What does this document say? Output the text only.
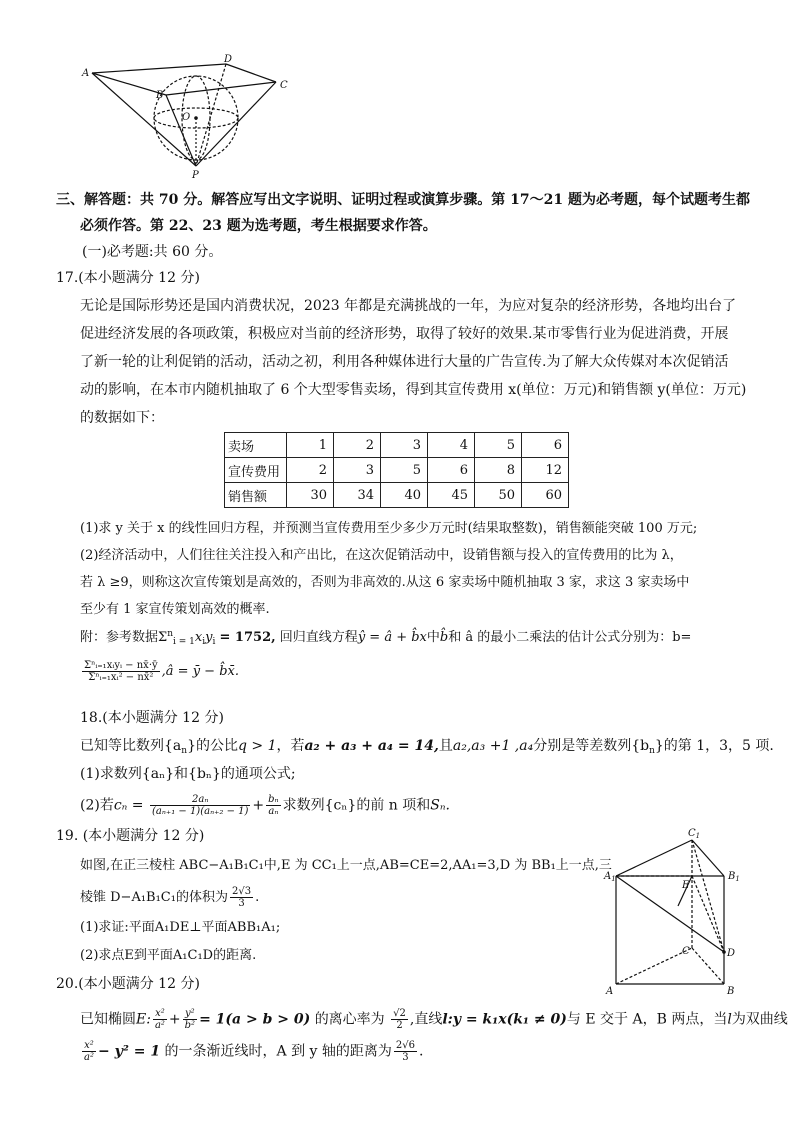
A
D
C
B
O
P
三、解答题：共 70 分。解答应写出文字说明、证明过程或演算步骤。第 17～21 题为必考题，每个试题考生都
必须作答。第 22、23 题为选考题，考生根据要求作答。
(一)必考题:共 60 分。
17.(本小题满分 12 分)
无论是国际形势还是国内消费状况，2023 年都是充满挑战的一年，为应对复杂的经济形势，各地均出台了
促进经济发展的各项政策，积极应对当前的经济形势，取得了较好的效果.某市零售行业为促进消费，开展
了新一轮的让利促销的活动，活动之初，利用各种媒体进行大量的广告宣传.为了解大众传媒对本次促销活
动的影响，在本市内随机抽取了 6 个大型零售卖场，得到其宣传费用 x(单位：万元)和销售额 y(单位：万元)
的数据如下：
卖场	1	2	3	4	5	6
宣传费用	2	3	5	6	8	12
销售额	30	34	40	45	50	60
(1)求 y 关于 x 的线性回归方程，并预测当宣传费用至少多少万元时(结果取整数)，销售额能突破 100 万元;
(2)经济活动中，人们往往关注投入和产出比，在这次促销活动中，设销售额与投入的宣传费用的比为 λ，
若 λ ≥9，则称这次宣传策划是高效的，否则为非高效的.从这 6 家卖场中随机抽取 3 家，求这 3 家卖场中
至少有 1 家宣传策划高效的概率.
附：参考数据$\Sigma^n_{i = 1}x_iy_i = 1752$, 回归直线方程ŷ = â + b̂x中b̂和 â 的最小二乘法的估计公式分别为：b=
$\frac{\text{Σⁿᵢ₌₁xᵢyᵢ − nx̄·ȳ}}{\text{Σⁿᵢ₌₁xᵢ² − nx̄²}}$ ,â = ȳ − b̂x̄.
18.(本小题满分 12 分)
已知等比数列$\{a_n\}$的公比q > 1，若a₂ + a₃ + a₄ = 14,且a₂,a₃ +1 ,a₄分别是等差数列$\{b_n\}$的第 1，3，5 项.
(1)求数列{aₙ}和{bₙ}的通项公式;
(2)若$c_n = \frac{\text{2aₙ}}{\text{(aₙ₊₁ − 1)(aₙ₊₂ − 1)}} + \frac{\text{bₙ}}{\text{aₙ}}$ 求数列{cₙ}的前 n 项和Sₙ.
19. (本小题满分 12 分)
如图,在正三棱柱 ABC−A₁B₁C₁中,E 为 CC₁上一点,AB=CE=2,AA₁=3,D 为 BB₁上一点,三
棱锥 D−A₁B₁C₁的体积为 $\frac{2√3}{3}$ .
(1)求证:平面A₁DE⊥平面ABB₁A₁;
(2)求点E到平面A₁C₁D的距离.
$C_1$
$A_1$	$B_1$
E
C	D
A	B
20.(本小题满分 12 分)
已知椭圆E: $\frac{\text{x²}}{\text{a²}} + \frac{\text{y²}}{\text{b²}} = 1(a > b > 0)$ 的离心率为 $\frac{√2}{2}$ ,直线l:y = k₁x(k₁ ≠ 0)与 E 交于 A，B 两点，当l为双曲线
$\frac{\text{x²}}{\text{a²}} - y^2 = 1$ 的一条渐近线时，A 到 y 轴的距离为 $\frac{2√6}{3}$ .
